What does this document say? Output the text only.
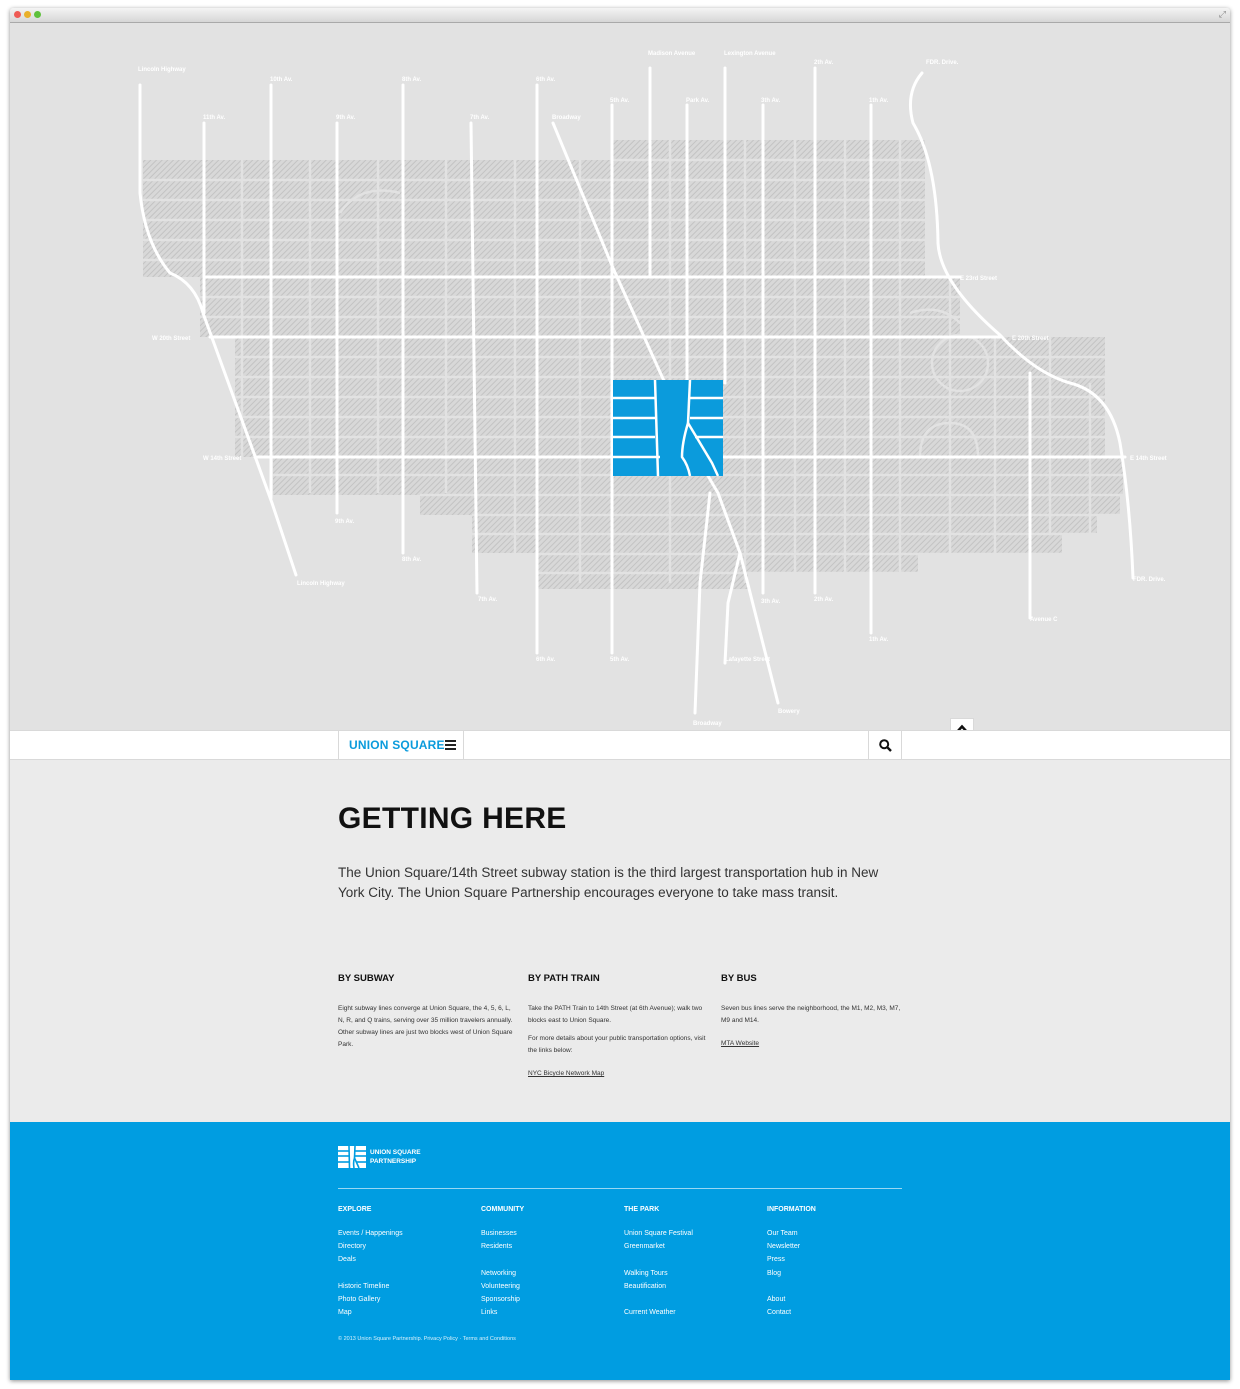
⤢
Lincoln Highway
10th Av.	8th Av.	6th Av.
Madison Avenue	Lexington Avenue
2th Av.	FDR. Drive.
11th Av.	9th Av.	7th Av.	Broadway
5th Av.	Park Av.	3th Av.	1th Av.
E 23rd Street
W 20th Street	E 20th Street
W 14th Street	E 14th Street
9th Av.
8th Av.
Lincoln Highway
7th Av.
6th Av.	5th Av.	Lafayette Street
Broadway
Bowery
3th Av.	2th Av.
1th Av.
Avenue C
FDR. Drive.
UNION SQUARE
GETTING HERE

The Union Square/14th Street subway station is the third largest transportation hub in New York City. The Union Square Partnership encourages everyone to take mass transit.

BY SUBWAY

Eight subway lines converge at Union Square, the 4, 5, 6, L, N, R, and Q trains, serving over 35 million travelers annually. Other subway lines are just two blocks west of Union Square Park.

BY PATH TRAIN

Take the PATH Train to 14th Street (at 6th Avenue); walk two blocks east to Union Square.

For more details about your public transportation options, visit the links below:

NYC Bicycle Network Map
BY BUS

Seven bus lines serve the neighborhood, the M1, M2, M3, M7, M9 and M14.

MTA Website
UNION SQUARE
PARTNERSHIP
EXPLORE
Events / Happenings
Directory
Deals
Historic Timeline
Photo Gallery
Map
COMMUNITY
Businesses
Residents
Networking
Volunteering
Sponsorship
Links
THE PARK
Union Square Festival
Greenmarket
Walking Tours
Beautification
Current Weather
INFORMATION
Our Team
Newsletter
Press
Blog
About
Contact
© 2013 Union Square Partnership. Privacy Policy · Terms and Conditions
